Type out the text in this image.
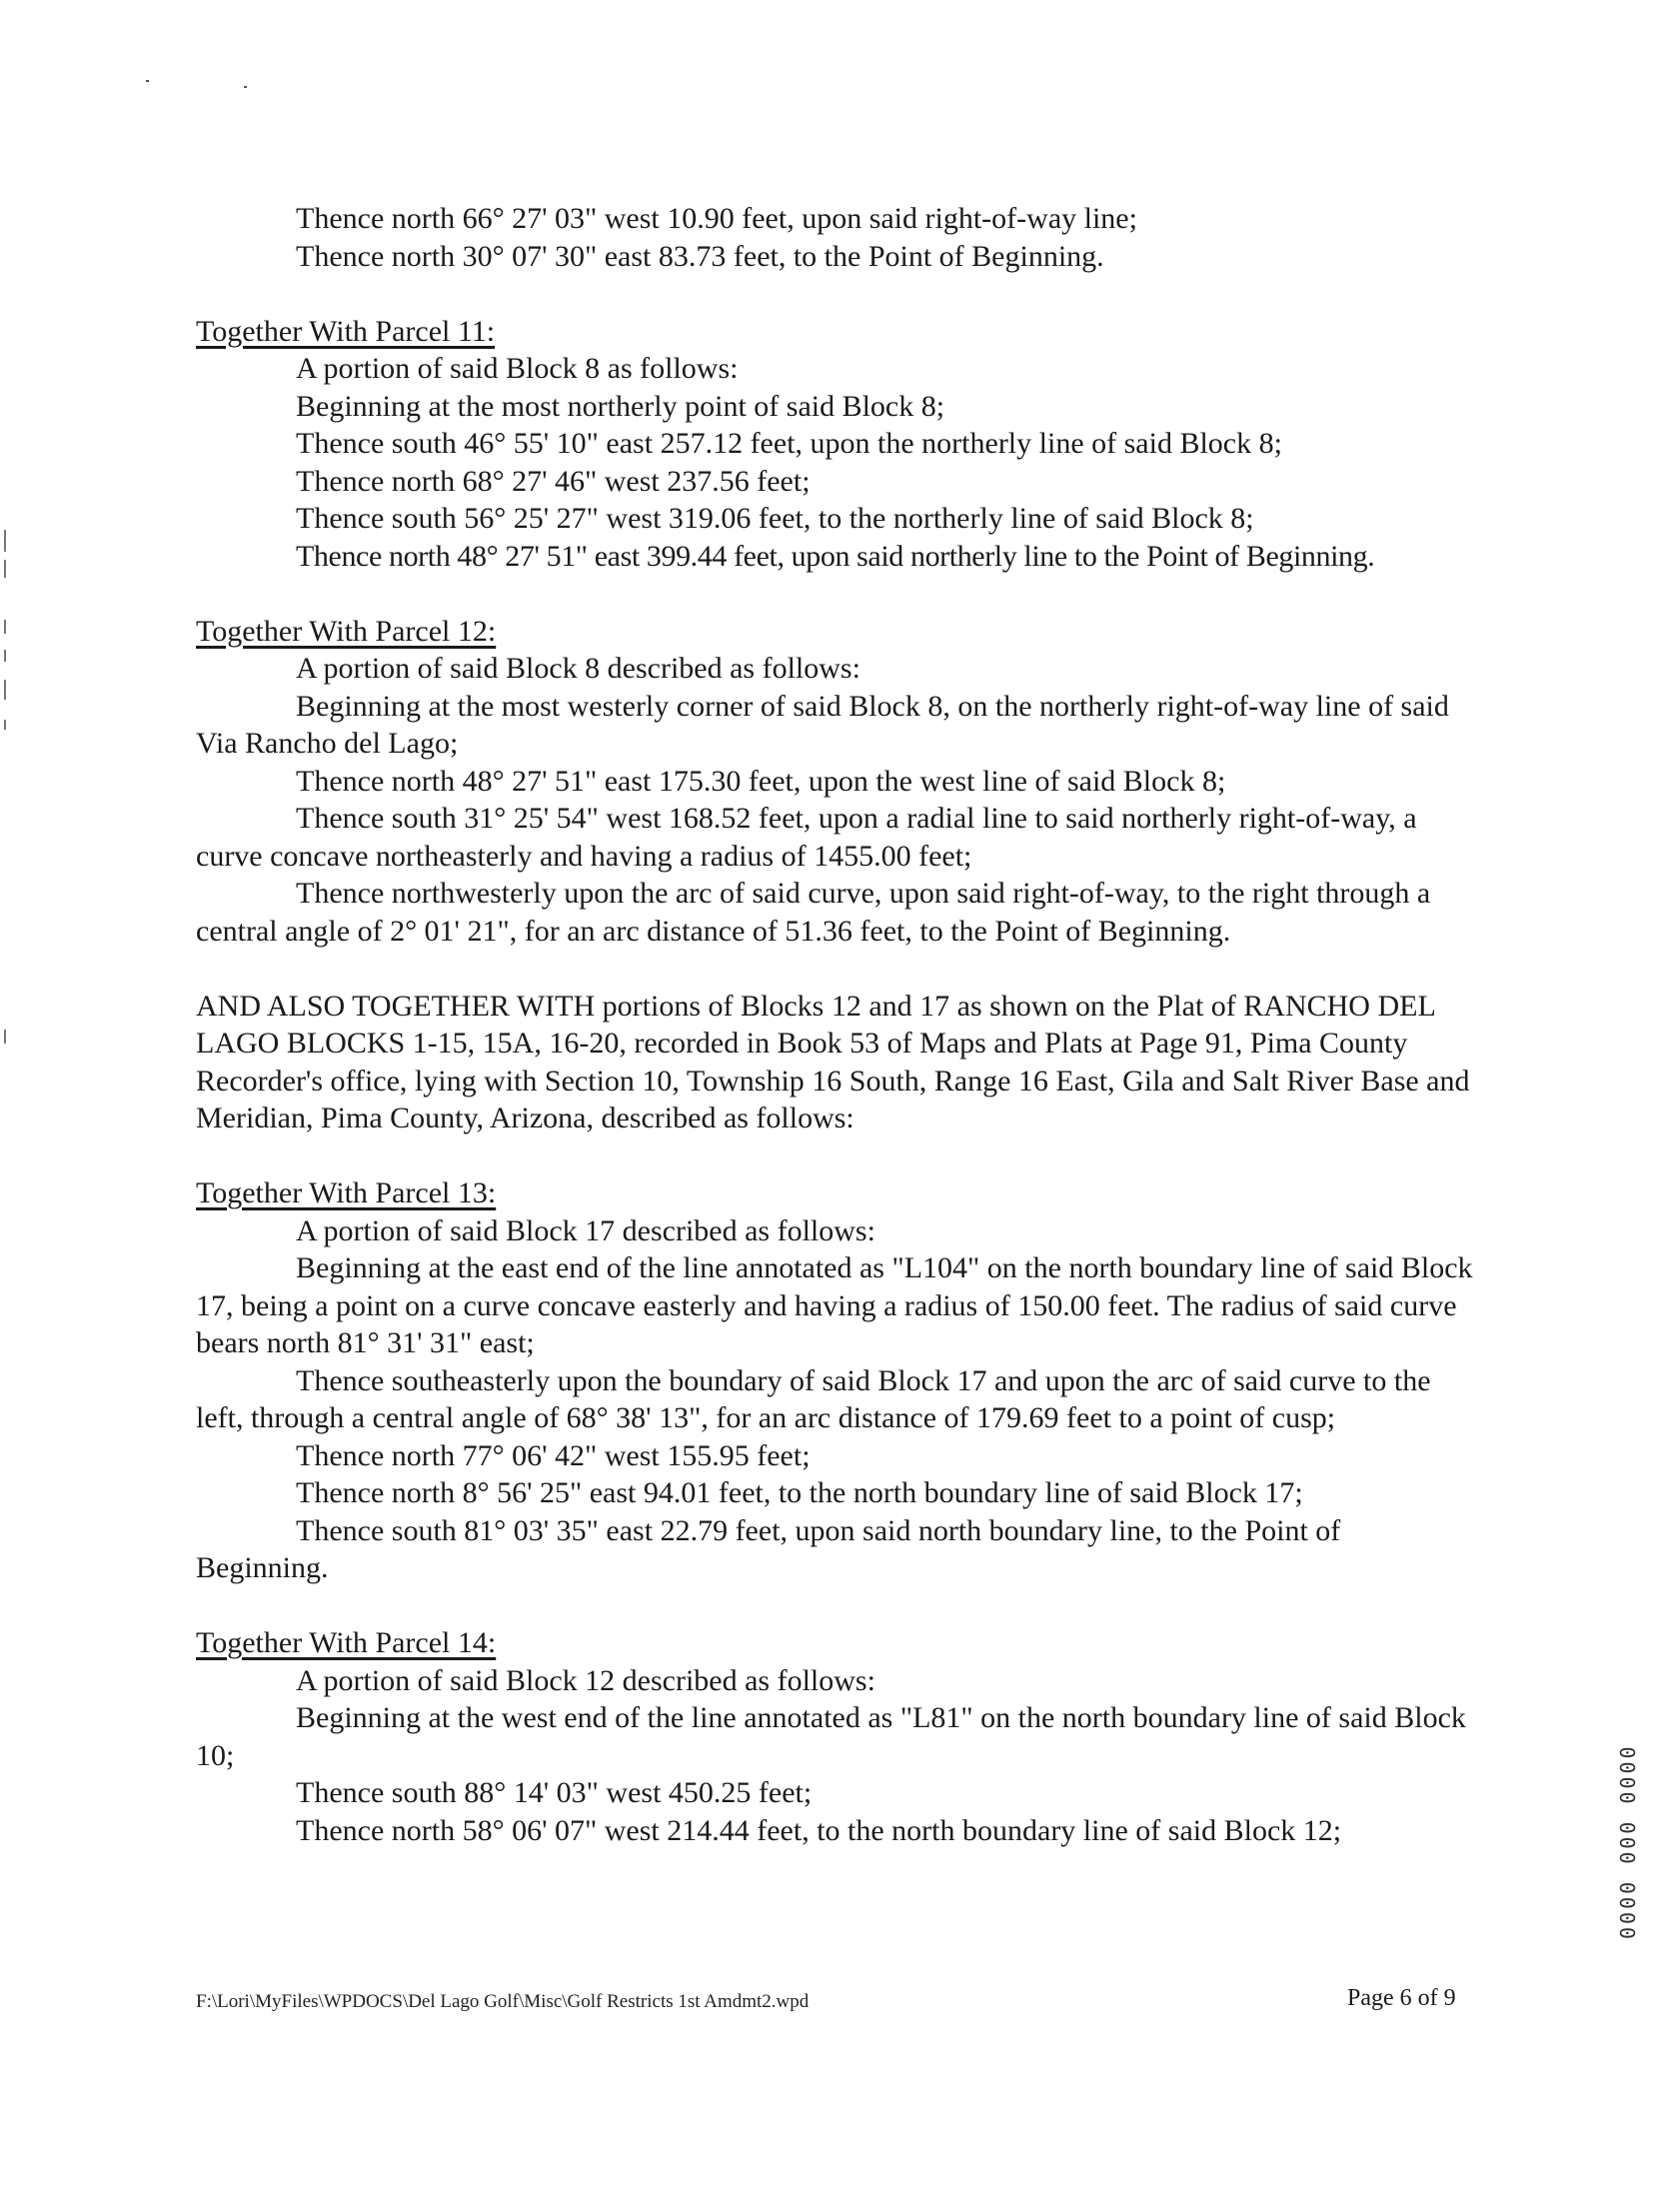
Thence north 66° 27' 03" west 10.90 feet, upon said right-of-way line;
Thence north 30° 07' 30" east 83.73 feet, to the Point of Beginning.
Together With Parcel 11:
A portion of said Block 8 as follows:
Beginning at the most northerly point of said Block 8;
Thence south 46° 55' 10" east 257.12 feet, upon the northerly line of said Block 8;
Thence north 68° 27' 46" west 237.56 feet;
Thence south 56° 25' 27" west 319.06 feet, to the northerly line of said Block 8;
Thence north 48° 27' 51" east 399.44 feet, upon said northerly line to the Point of Beginning.
Together With Parcel 12:
A portion of said Block 8 described as follows:
Beginning at the most westerly corner of said Block 8, on the northerly right-of-way line of said Via Rancho del Lago;
Thence north 48° 27' 51" east 175.30 feet, upon the west line of said Block 8;
Thence south 31° 25' 54" west 168.52 feet, upon a radial line to said northerly right-of-way, a curve concave northeasterly and having a radius of 1455.00 feet;
Thence northwesterly upon the arc of said curve, upon said right-of-way, to the right through a central angle of 2° 01' 21", for an arc distance of 51.36 feet, to the Point of Beginning.
AND ALSO TOGETHER WITH portions of Blocks 12 and 17 as shown on the Plat of RANCHO DEL LAGO BLOCKS 1-15, 15A, 16-20, recorded in Book 53 of Maps and Plats at Page 91, Pima County Recorder's office, lying with Section 10, Township 16 South, Range 16 East, Gila and Salt River Base and Meridian, Pima County, Arizona, described as follows:
Together With Parcel 13:
A portion of said Block 17 described as follows:
Beginning at the east end of the line annotated as "L104" on the north boundary line of said Block 17, being a point on a curve concave easterly and having a radius of 150.00 feet. The radius of said curve bears north 81° 31' 31" east;
Thence southeasterly upon the boundary of said Block 17 and upon the arc of said curve to the left, through a central angle of 68° 38' 13", for an arc distance of 179.69 feet to a point of cusp;
Thence north 77° 06' 42" west 155.95 feet;
Thence north 8° 56' 25" east 94.01 feet, to the north boundary line of said Block 17;
Thence south 81° 03' 35" east 22.79 feet, upon said north boundary line, to the Point of Beginning.
Together With Parcel 14:
A portion of said Block 12 described as follows:
Beginning at the west end of the line annotated as "L81" on the north boundary line of said Block 10;
Thence south 88° 14' 03" west 450.25 feet;
Thence north 58° 06' 07" west 214.44 feet, to the north boundary line of said Block 12;
F:\Lori\MyFiles\WPDOCS\Del Lago Golf\Misc\Golf Restricts 1st Amdmt2.wpd	Page 6 of 9
0000 000 0000
